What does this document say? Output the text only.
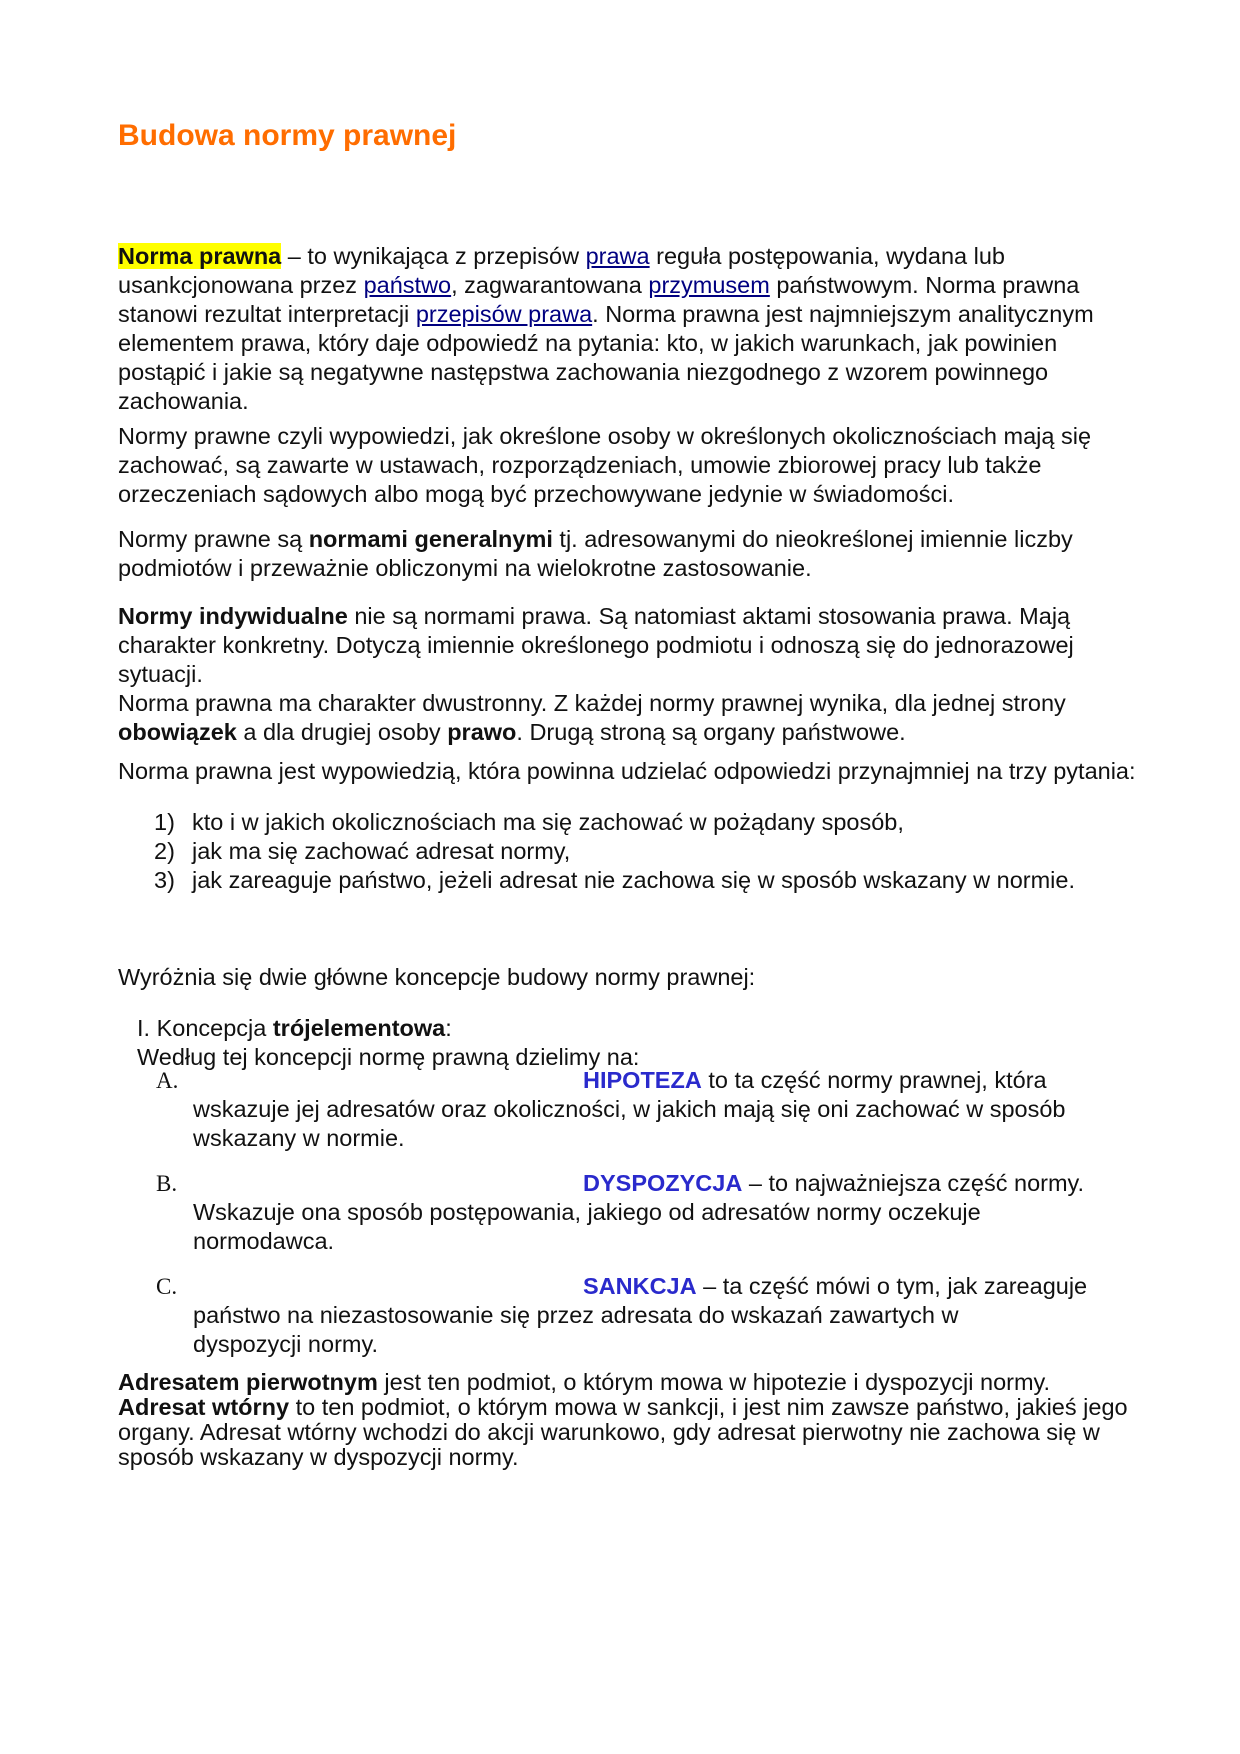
Budowa normy prawnej

Norma prawna – to wynikająca z przepisów prawa reguła postępowania, wydana lub usankcjonowana przez państwo, zagwarantowana przymusem państwowym. Norma prawna stanowi rezultat interpretacji przepisów prawa. Norma prawna jest najmniejszym analitycznym elementem prawa, który daje odpowiedź na pytania: kto, w jakich warunkach, jak powinien postąpić i jakie są negatywne następstwa zachowania niezgodnego z wzorem powinnego zachowania.

Normy prawne czyli wypowiedzi, jak określone osoby w określonych okolicznościach mają się zachować, są zawarte w ustawach, rozporządzeniach, umowie zbiorowej pracy lub także orzeczeniach sądowych albo mogą być przechowywane jedynie w świadomości.

Normy prawne są normami generalnymi tj. adresowanymi do nieokreślonej imiennie liczby podmiotów i przeważnie obliczonymi na wielokrotne zastosowanie.

Normy indywidualne nie są normami prawa. Są natomiast aktami stosowania prawa. Mają charakter konkretny. Dotyczą imiennie określonego podmiotu i odnoszą się do jednorazowej sytuacji.
Norma prawna ma charakter dwustronny. Z każdej normy prawnej wynika, dla jednej strony obowiązek a dla drugiej osoby prawo. Drugą stroną są organy państwowe.

Norma prawna jest wypowiedzią, która powinna udzielać odpowiedzi przynajmniej na trzy pytania:

1) kto i w jakich okolicznościach ma się zachować w pożądany sposób,
2) jak ma się zachować adresat normy,
3) jak zareaguje państwo, jeżeli adresat nie zachowa się w sposób wskazany w normie.

Wyróżnia się dwie główne koncepcje budowy normy prawnej:

I. Koncepcja trójelementowa:
Według tej koncepcji normę prawną dzielimy na:

A.	HIPOTEZA to ta część normy prawnej, która
wskazuje jej adresatów oraz okoliczności, w jakich mają się oni zachować w sposób wskazany w normie.
B.	DYSPOZYCJA – to najważniejsza część normy.
Wskazuje ona sposób postępowania, jakiego od adresatów normy oczekuje normodawca.
C.	SANKCJA – ta część mówi o tym, jak zareaguje
państwo na niezastosowanie się przez adresata do wskazań zawartych w dyspozycji normy.

Adresatem pierwotnym jest ten podmiot, o którym mowa w hipotezie i dyspozycji normy.
Adresat wtórny to ten podmiot, o którym mowa w sankcji, i jest nim zawsze państwo, jakieś jego organy. Adresat wtórny wchodzi do akcji warunkowo, gdy adresat pierwotny nie zachowa się w sposób wskazany w dyspozycji normy.
